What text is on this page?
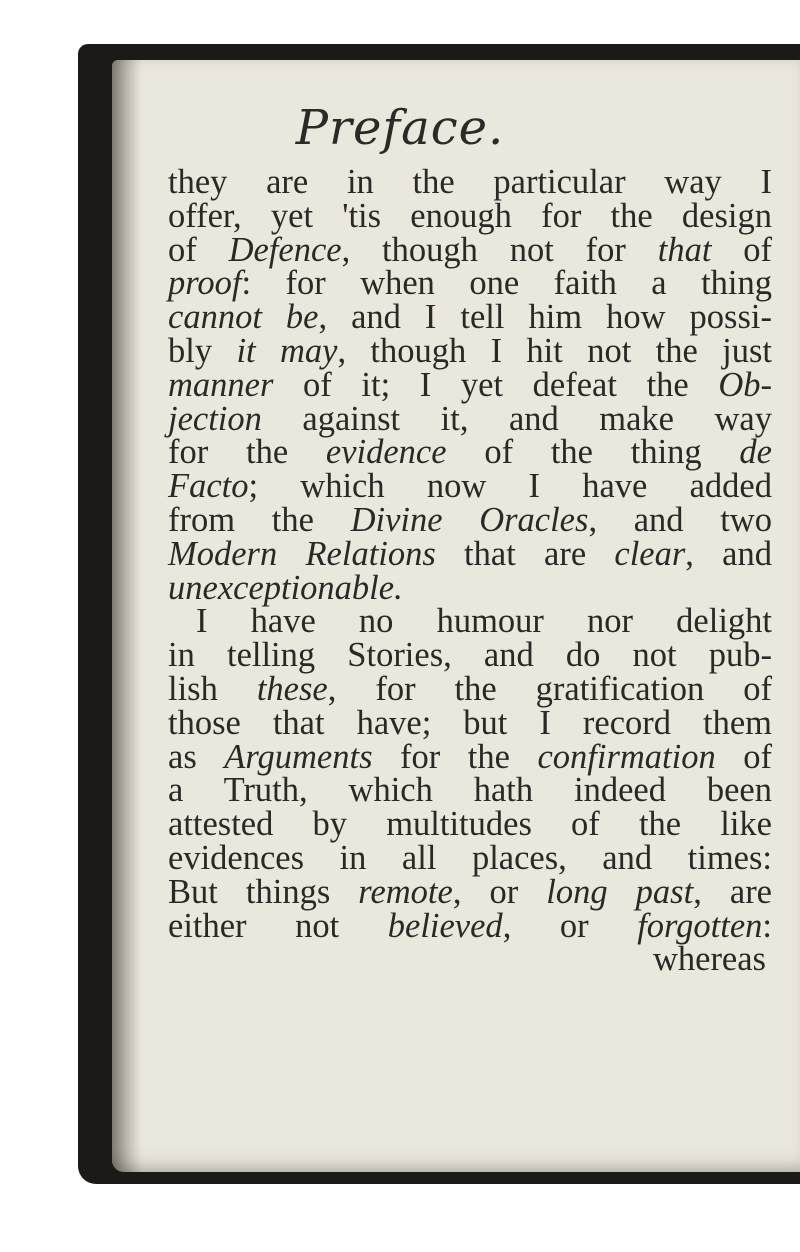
Preface.
they are in the particular way I
offer, yet 'tis enough for the design
of Defence, though not for that of
proof: for when one faith a thing
cannot be, and I tell him how possi-
bly it may, though I hit not the just
manner of it; I yet defeat the Ob-
jection against it, and make way
for the evidence of the thing de
Facto; which now I have added
from the Divine Oracles, and two
Modern Relations that are clear, and
unexceptionable.
I have no humour nor delight
in telling Stories, and do not pub-
lish these, for the gratification of
those that have; but I record them
as Arguments for the confirmation of
a Truth, which hath indeed been
attested by multitudes of the like
evidences in all places, and times:
But things remote, or long past, are
either not believed, or forgotten:
whereas
